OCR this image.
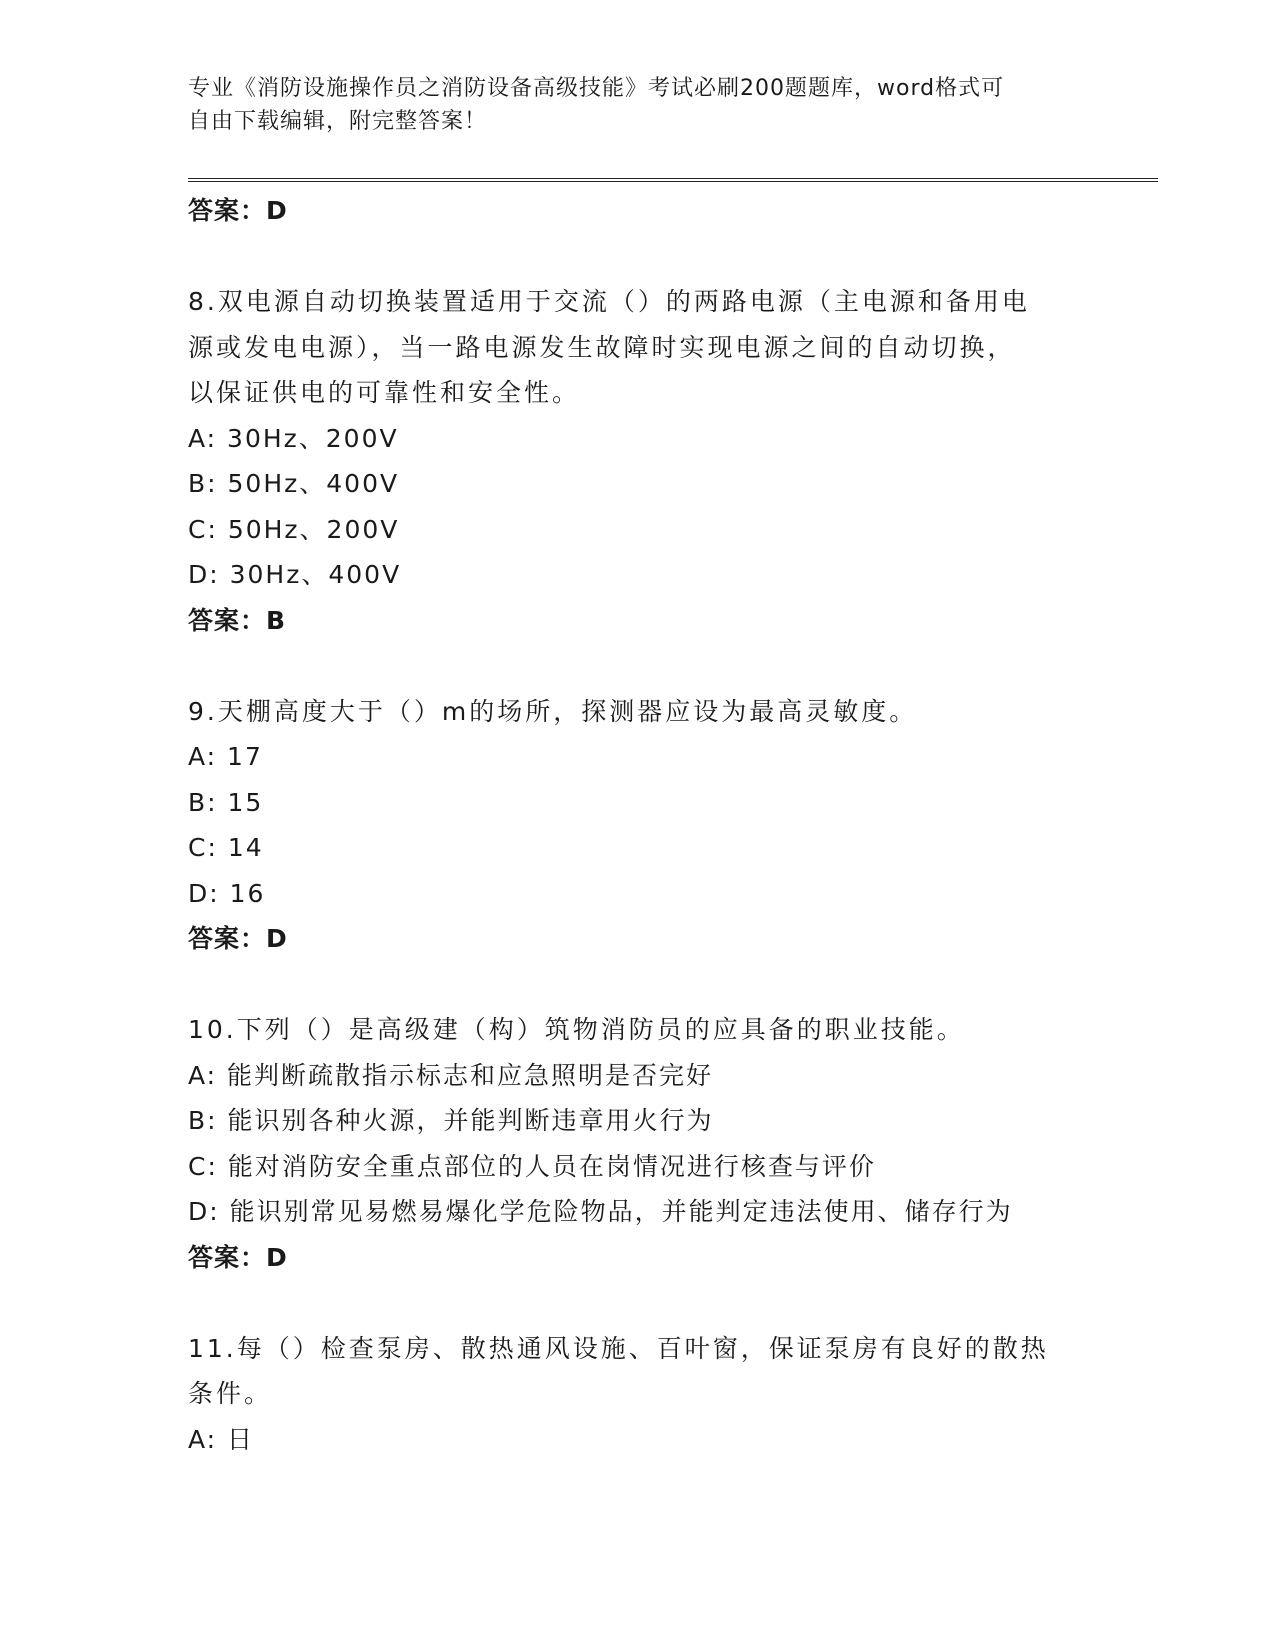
专业《消防设施操作员之消防设备高级技能》考试必刷200题题库，word格式可
自由下载编辑，附完整答案！
答案：D
8.双电源自动切换装置适用于交流（）的两路电源（主电源和备用电
源或发电电源），当一路电源发生故障时实现电源之间的自动切换，
以保证供电的可靠性和安全性。
A: 30Hz、200V
B: 50Hz、400V
C: 50Hz、200V
D: 30Hz、400V
答案：B
9.天棚高度大于（）m的场所，探测器应设为最高灵敏度。
A: 17
B: 15
C: 14
D: 16
答案：D
10.下列（）是高级建（构）筑物消防员的应具备的职业技能。
A: 能判断疏散指示标志和应急照明是否完好
B: 能识别各种火源，并能判断违章用火行为
C: 能对消防安全重点部位的人员在岗情况进行核查与评价
D: 能识别常见易燃易爆化学危险物品，并能判定违法使用、储存行为
答案：D
11.每（）检查泵房、散热通风设施、百叶窗，保证泵房有良好的散热
条件。
A: 日
